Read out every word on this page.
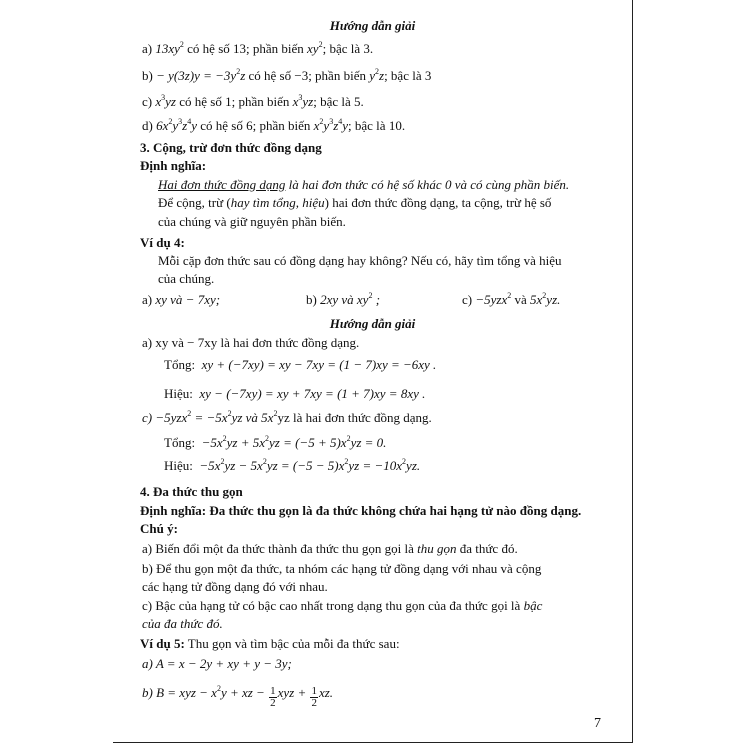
Hướng dẫn giải
a) $13xy^2$ có hệ số 13; phần biến $xy^2$; bậc là 3.
$b) - y(3z)y = -3y^2z$ có hệ số −3; phần biến $y^2z$; bậc là 3
c) $x^3yz$ có hệ số 1; phần biến $x^3yz$; bậc là 5.
d) $6x^2y^3z^4y$ có hệ số 6; phần biến $x^2y^3z^4y$; bậc là 10.
3. Cộng, trừ đơn thức đồng dạng
Định nghĩa:
Hai đơn thức đồng dạng là hai đơn thức có hệ số khác 0 và có cùng phần biến.
Để cộng, trừ (hay tìm tổng, hiệu) hai đơn thức đồng dạng, ta cộng, trừ hệ số
của chúng và giữ nguyên phần biến.
Ví dụ 4:
Mỗi cặp đơn thức sau có đồng dạng hay không? Nếu có, hãy tìm tổng và hiệu
của chúng.
a) xy và − 7xy;	b) 2xy và $xy^2$ ;	c) −5yzx$^2$ và $5x^2yz$.
Hướng dẫn giải
a) xy và − 7xy là hai đơn thức đồng dạng.
Tổng: xy + (−7xy) = xy − 7xy = (1 − 7)xy = −6xy .
Hiệu: xy − (−7xy) = xy + 7xy = (1 + 7)xy = 8xy .
$c) -5yzx^2 = -5x^2yz$ và $5x^2yz$ là hai đơn thức đồng dạng.
Tổng: $-5x^2yz + 5x^2yz = (-5 + 5)x^2yz = 0$.
Hiệu: $-5x^2yz - 5x^2yz = (-5 - 5)x^2yz = -10x^2yz$.
4. Đa thức thu gọn
Định nghĩa: Đa thức thu gọn là đa thức không chứa hai hạng tử nào đồng dạng.
Chú ý:
a) Biến đổi một đa thức thành đa thức thu gọn gọi là thu gọn đa thức đó.
b) Để thu gọn một đa thức, ta nhóm các hạng tử đồng dạng với nhau và cộng
các hạng tử đồng dạng đó với nhau.
c) Bậc của hạng tử có bậc cao nhất trong dạng thu gọn của đa thức gọi là bậc
của đa thức đó.
Ví dụ 5: Thu gọn và tìm bậc của mỗi đa thức sau:
a) A = x − 2y + xy + y − 3y;
b) B = xyz − $x^2y$ + xz − $\frac{1}{2}$ xyz + $\frac{1}{2}$ xz.
7
